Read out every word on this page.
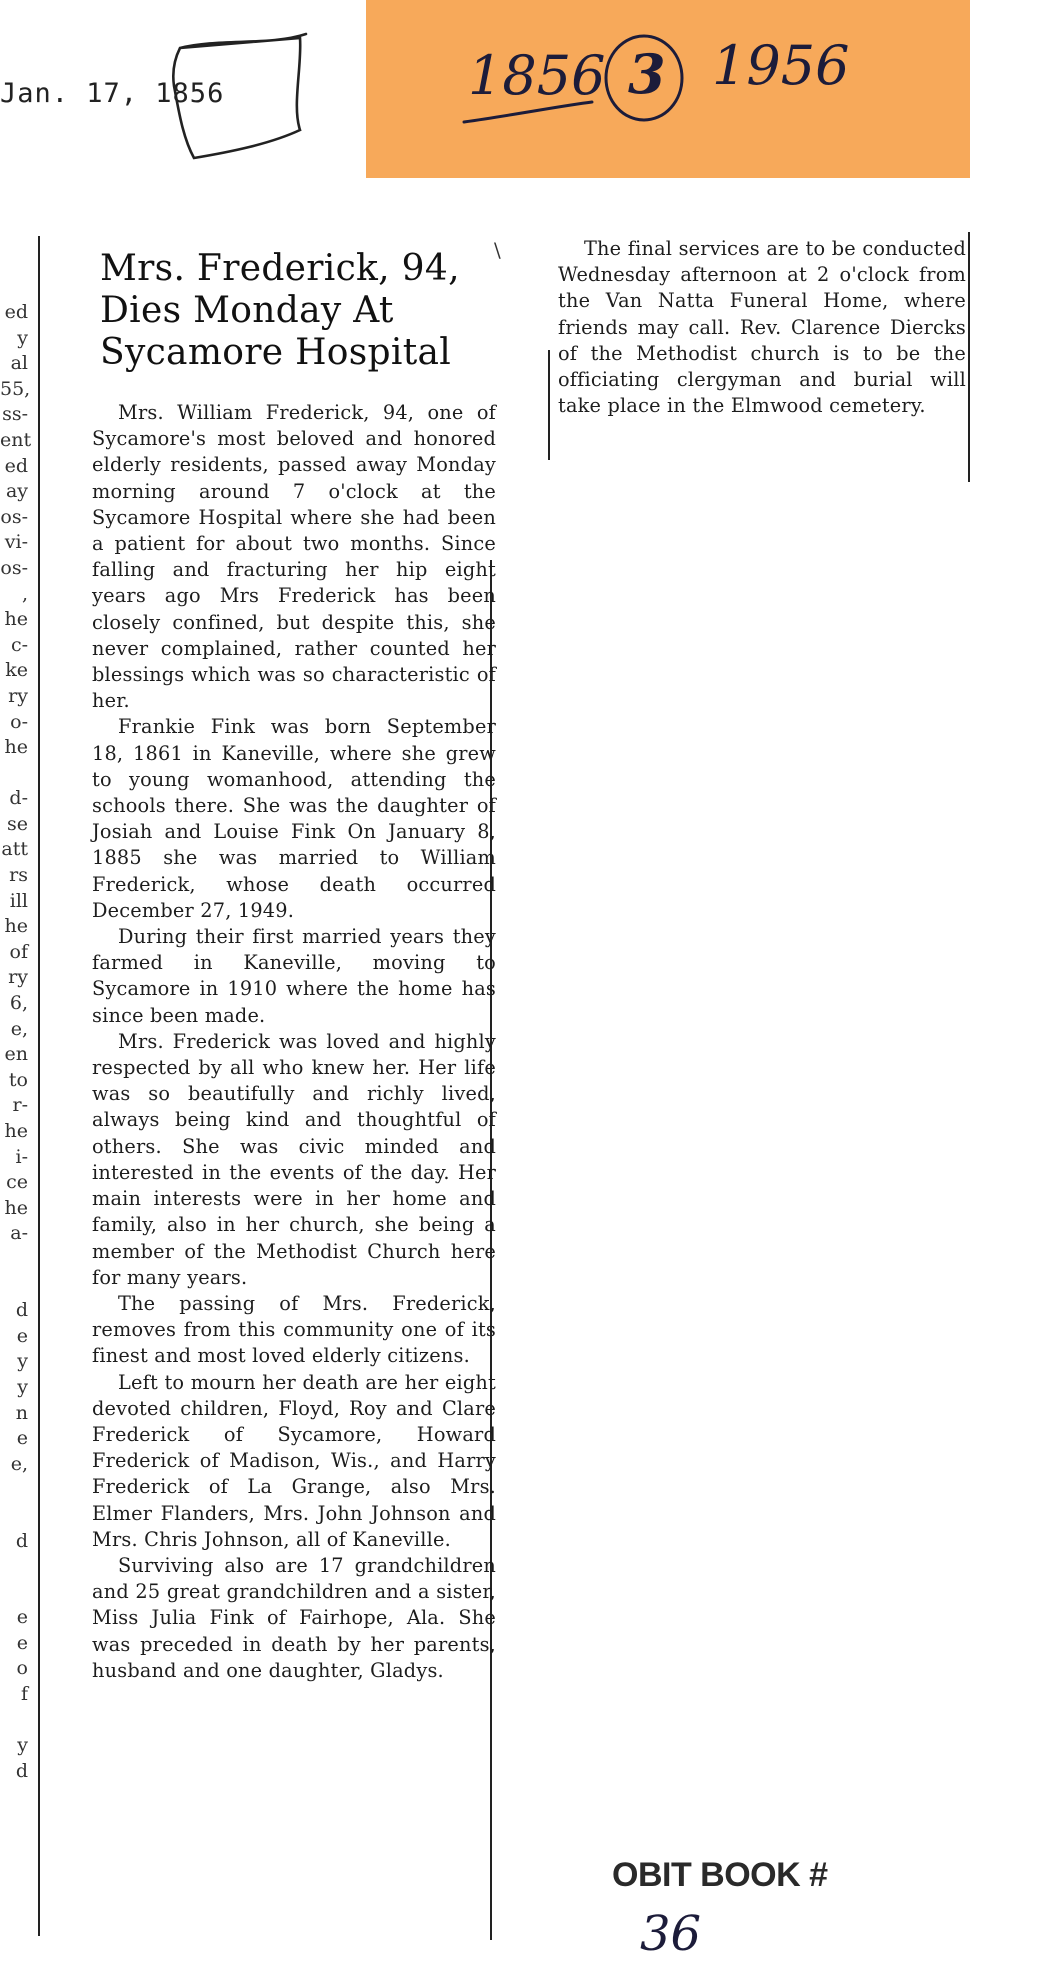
Jan. 17, 1856	1856 3 1956
ed
y
al
55,
ss-
ent
ed
ay
os-
vi-
os-
,
he
c-
ke
ry
o-
he

d-
se
att
rs
ill
he
of
ry
6,
e,
en
to
r-
he
i-
ce
he
a-

d
e
y
y
n
e
e,

d

e
e
o
f

y
d
\
Mrs. Frederick, 94,
Dies Monday At
Sycamore Hospital

Mrs. William Frederick, 94, one of Sycamore's most beloved and honored elderly residents, passed away Monday morning around 7 o'clock at the Sycamore Hospital where she had been a patient for about two months. Since falling and fracturing her hip eight years ago Mrs Frederick has been closely confined, but despite this, she never complained, rather counted her blessings which was so characteristic of her.

Frankie Fink was born September 18, 1861 in Kaneville, where she grew to young womanhood, attending the schools there. She was the daughter of Josiah and Louise Fink On January 8, 1885 she was married to William Frederick, whose death occurred December 27, 1949.

During their first married years they farmed in Kaneville, moving to Sycamore in 1910 where the home has since been made.

Mrs. Frederick was loved and highly respected by all who knew her. Her life was so beautifully and richly lived, always being kind and thoughtful of others. She was civic minded and interested in the events of the day. Her main interests were in her home and family, also in her church, she being a member of the Methodist Church here for many years.

The passing of Mrs. Frederick, removes from this community one of its finest and most loved elderly citizens.

Left to mourn her death are her eight devoted children, Floyd, Roy and Clare Frederick of Sycamore, Howard Frederick of Madison, Wis., and Harry Frederick of La Grange, also Mrs. Elmer Flanders, Mrs. John Johnson and Mrs. Chris Johnson, all of Kaneville.

Surviving also are 17 grandchildren and 25 great grandchildren and a sister, Miss Julia Fink of Fairhope, Ala. She was preceded in death by her parents, husband and one daughter, Gladys.

The final services are to be conducted Wednesday afternoon at 2 o'clock from the Van Natta Funeral Home, where friends may call. Rev. Clarence Diercks of the Methodist church is to be the officiating clergyman and burial will take place in the Elmwood cemetery.

OBIT BOOK #
36
